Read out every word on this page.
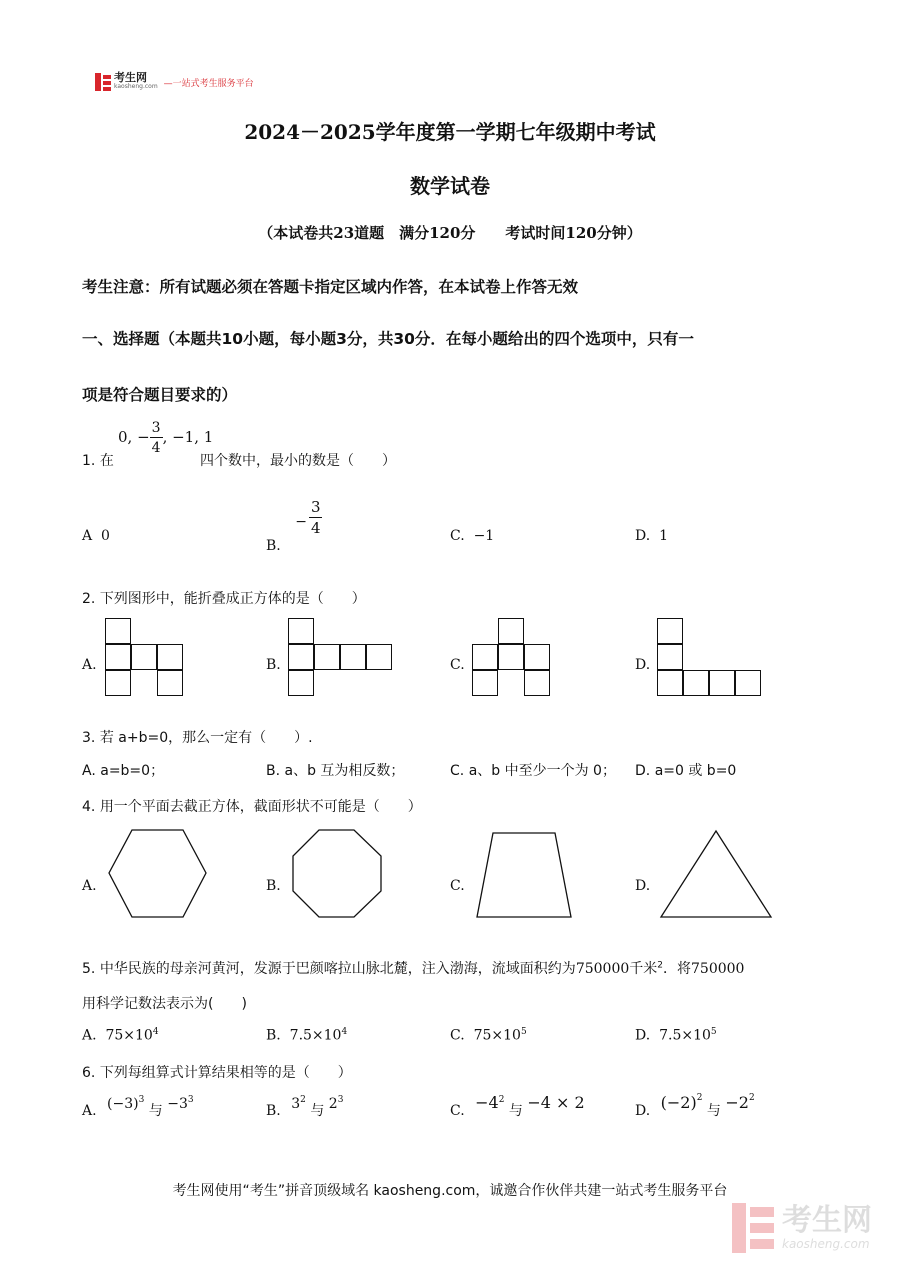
考生网
kaosheng.com —一站式考生服务平台
2024－2025学年度第一学期七年级期中考试
数学试卷
（本试卷共23道题　满分120分　　考试时间120分钟）
考生注意：所有试题必须在答题卡指定区域内作答，在本试卷上作答无效
一、选择题（本题共10小题，每小题3分，共30分．在每小题给出的四个选项中，只有一
项是符合题目要求的）
1. 在
0, − $\frac{3}{4}$ , −1, 1
四个数中，最小的数是（　　）
A 0
B. − $\frac{3}{4}$	C. −1	D. 1
2. 下列图形中，能折叠成正方体的是（　　）
A.	B.	C.	D.
3. 若 a+b=0，那么一定有（　　）.
A. a=b=0；	B. a、b 互为相反数；	C. a、b 中至少一个为 0； D. a=0 或 b=0
4. 用一个平面去截正方体，截面形状不可能是（　　）
A.	B.	C.	D.
5. 中华民族的母亲河黄河，发源于巴颜喀拉山脉北麓，注入渤海，流域面积约为750000千米$^2$．将750000
用科学记数法表示为(　　)
A. $75\times 10^4$	B. $7.5\times 10^4$	C. $75\times 10^5$	D. $7.5\times 10^5$
6. 下列每组算式计算结果相等的是（　　）
A. $(-3)^3$ 与 $-3^3$
B. $3^2$ 与 $2^3$
C. $-4^2$ 与 −4 × 2	D. $(-2)^2$ 与 $-2^2$
考生网使用“考生”拼音顶级域名 kaosheng.com，诚邀合作伙伴共建一站式考生服务平台
考生网
kaosheng.com
